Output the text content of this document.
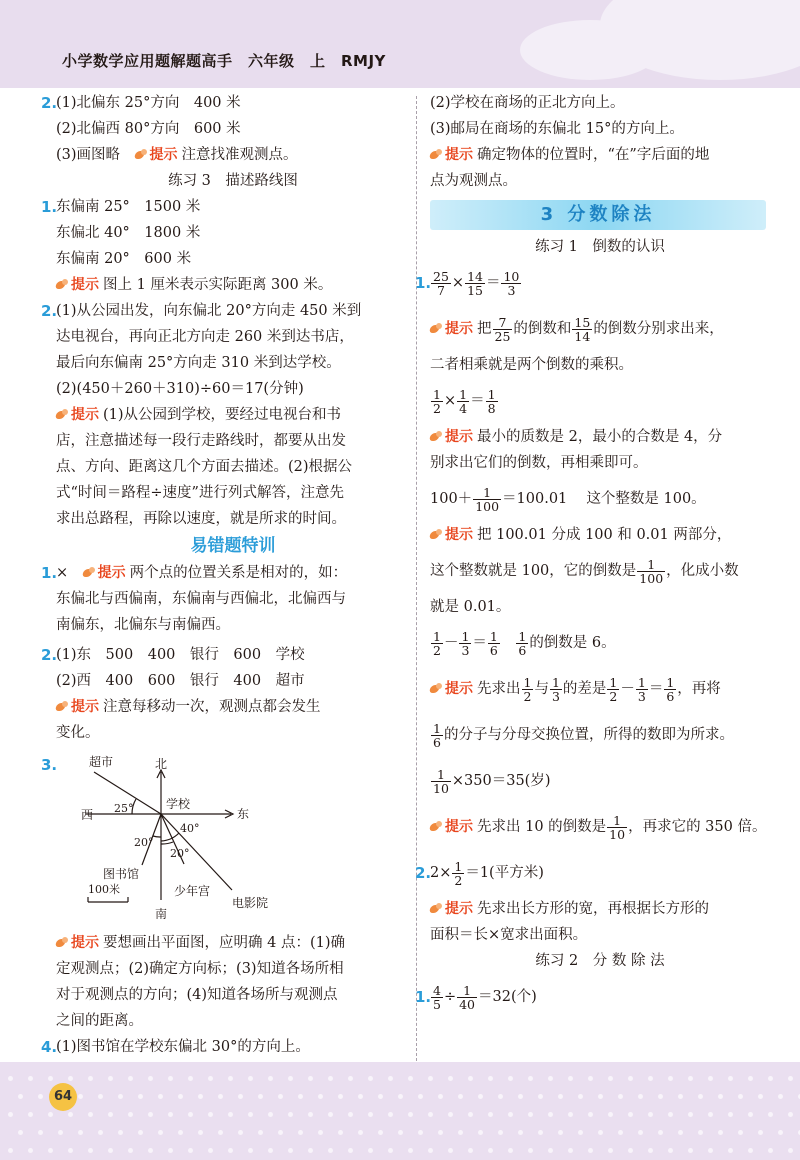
小学数学应用题解题高手　六年级　上　RMJY
2.
(1)北偏东 25°方向　400 米
(2)北偏西 80°方向　600 米
(3)画图略　 提示 注意找准观测点。
练习 3　描述路线图
1.
东偏南 25°　1500 米
东偏北 40°　1800 米
东偏南 20°　600 米
提示 图上 1 厘米表示实际距离 300 米。
2.
(1)从公园出发，向东偏北 20°方向走 450 米到
达电视台，再向正北方向走 260 米到达书店，
最后向东偏南 25°方向走 310 米到达学校。
(2)(450＋260＋310)÷60＝17(分钟)
提示 (1)从公园到学校，要经过电视台和书
店，注意描述每一段行走路线时，都要从出发
点、方向、距离这几个方面去描述。(2)根据公
式“时间＝路程÷速度”进行列式解答，注意先
求出总路程，再除以速度，就是所求的时间。
易错题特训
1.
×　 提示 两个点的位置关系是相对的，如：
东偏北与西偏南，东偏南与西偏北，北偏西与
南偏东，北偏东与南偏西。
2.
(1)东　500　400　银行　600　学校
(2)西　400　600　银行　400　超市
提示 注意每移动一次，观测点都会发生
变化。
3.	北
南
东
西
超市
学校
图书馆
少年宫
电影院
25°
40°
20°
20°
100米
提示 要想画出平面图，应明确 4 点：(1)确
定观测点；(2)确定方向标；(3)知道各场所相
对于观测点的方向；(4)知道各场所与观测点
之间的距离。
4.
(1)图书馆在学校东偏北 30°的方向上。
(2)学校在商场的正北方向上。
(3)邮局在商场的东偏北 15°的方向上。
提示 确定物体的位置时，“在”字后面的地
点为观测点。
3 分数除法
练习 1　倒数的认识
1. $\frac{25}{7} \times \frac{14}{15} = \frac{10}{3}$
提示 把 $\frac{7}{25}$ 的倒数和 $\frac{15}{14}$ 的倒数分别求出来，
二者相乘就是两个倒数的乘积。
$\frac{1}{2} \times \frac{1}{4} = \frac{1}{8}$
提示 最小的质数是 2，最小的合数是 4，分
别求出它们的倒数，再相乘即可。
$100+ \frac{1}{100} =100.01$　 这个整数是 100。
提示 把 100.01 分成 100 和 0.01 两部分，
这个整数就是 100，它的倒数是 $\frac{1}{100}$ ，化成小数
就是 0.01。
$\frac{1}{2} - \frac{1}{3} = \frac{1}{6}$
　 $\frac{1}{6}$ 的倒数是 6。
提示 先求出 $\frac{1}{2}$ 与 $\frac{1}{3}$ 的差是 $\frac{1}{2} - \frac{1}{3} = \frac{1}{6}$ ，再将
$\frac{1}{6}$ 的分子与分母交换位置，所得的数即为所求。
$\frac{1}{10} \times 350=35$(岁)
提示 先求出 10 的倒数是 $\frac{1}{10}$ ，再求它的 350 倍。
2.
$2\times \frac{1}{2} =1$(平方米)
提示 先求出长方形的宽，再根据长方形的
面积＝长×宽求出面积。
练习 2　分 数 除 法
1. $\frac{4}{5} \div \frac{1}{40} =32$(个)
64
